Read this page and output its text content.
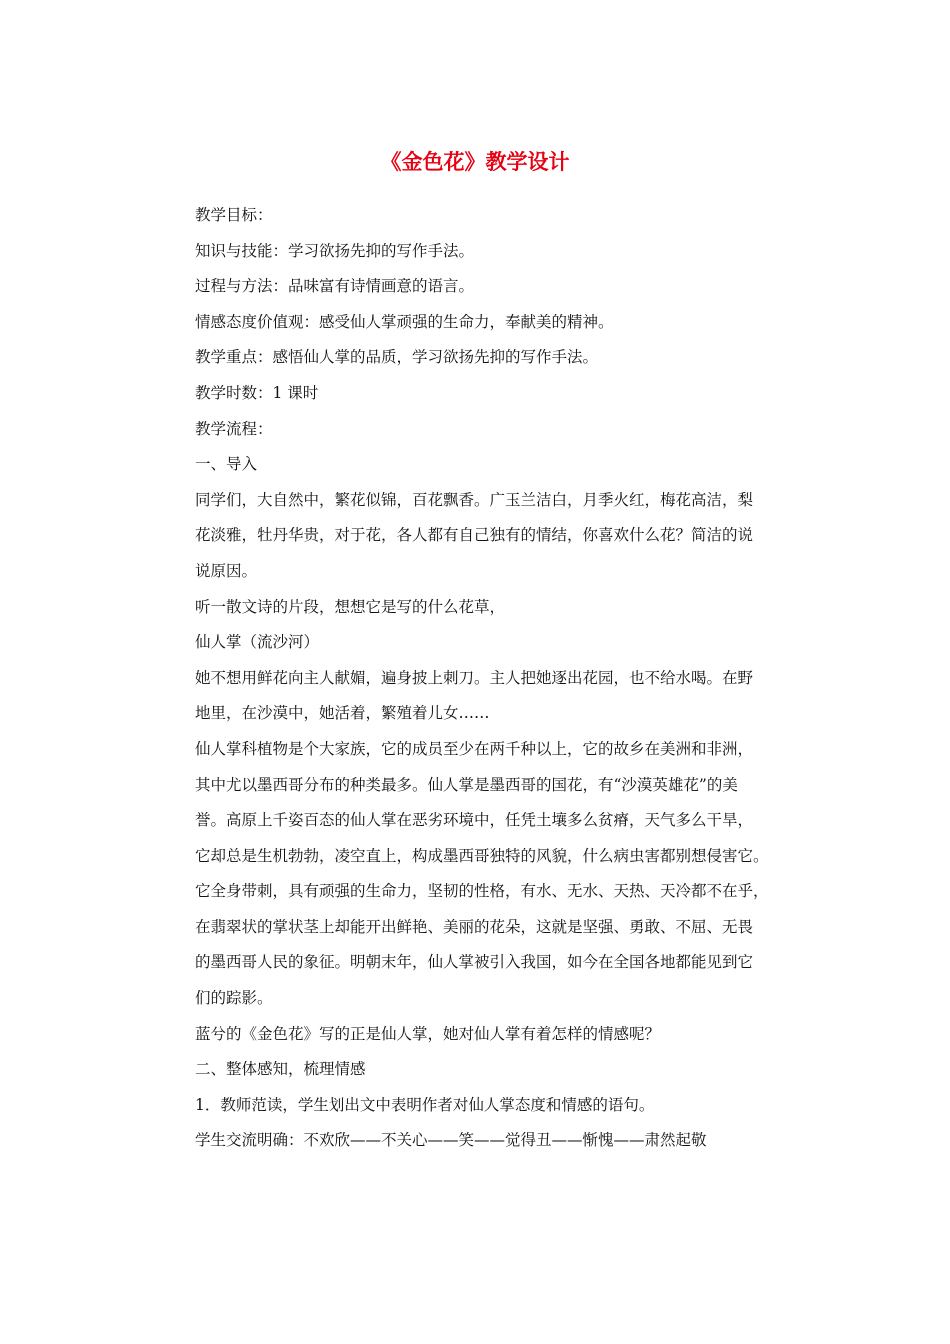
《金色花》教学设计

教学目标：

知识与技能：学习欲扬先抑的写作手法。

过程与方法：品味富有诗情画意的语言。

情感态度价值观：感受仙人掌顽强的生命力，奉献美的精神。

教学重点：感悟仙人掌的品质，学习欲扬先抑的写作手法。

教学时数：1 课时

教学流程：

一、导入

同学们，大自然中，繁花似锦，百花飘香。广玉兰洁白，月季火红，梅花高洁，梨

花淡雅，牡丹华贵，对于花，各人都有自己独有的情结，你喜欢什么花？简洁的说

说原因。

听一散文诗的片段，想想它是写的什么花草，

仙人掌（流沙河）

她不想用鲜花向主人献媚，遍身披上刺刀。主人把她逐出花园，也不给水喝。在野

地里，在沙漠中，她活着，繁殖着儿女……

仙人掌科植物是个大家族，它的成员至少在两千种以上，它的故乡在美洲和非洲，

其中尤以墨西哥分布的种类最多。仙人掌是墨西哥的国花，有“沙漠英雄花”的美

誉。高原上千姿百态的仙人掌在恶劣环境中，任凭土壤多么贫瘠，天气多么干旱，

它却总是生机勃勃，凌空直上，构成墨西哥独特的风貌，什么病虫害都别想侵害它。

它全身带刺，具有顽强的生命力，坚韧的性格，有水、无水、天热、天冷都不在乎，

在翡翠状的掌状茎上却能开出鲜艳、美丽的花朵，这就是坚强、勇敢、不屈、无畏

的墨西哥人民的象征。明朝末年，仙人掌被引入我国，如今在全国各地都能见到它

们的踪影。

蓝兮的《金色花》写的正是仙人掌，她对仙人掌有着怎样的情感呢？

二、整体感知，梳理情感

1．教师范读，学生划出文中表明作者对仙人掌态度和情感的语句。

学生交流明确：不欢欣——不关心——笑——觉得丑——惭愧——肃然起敬
